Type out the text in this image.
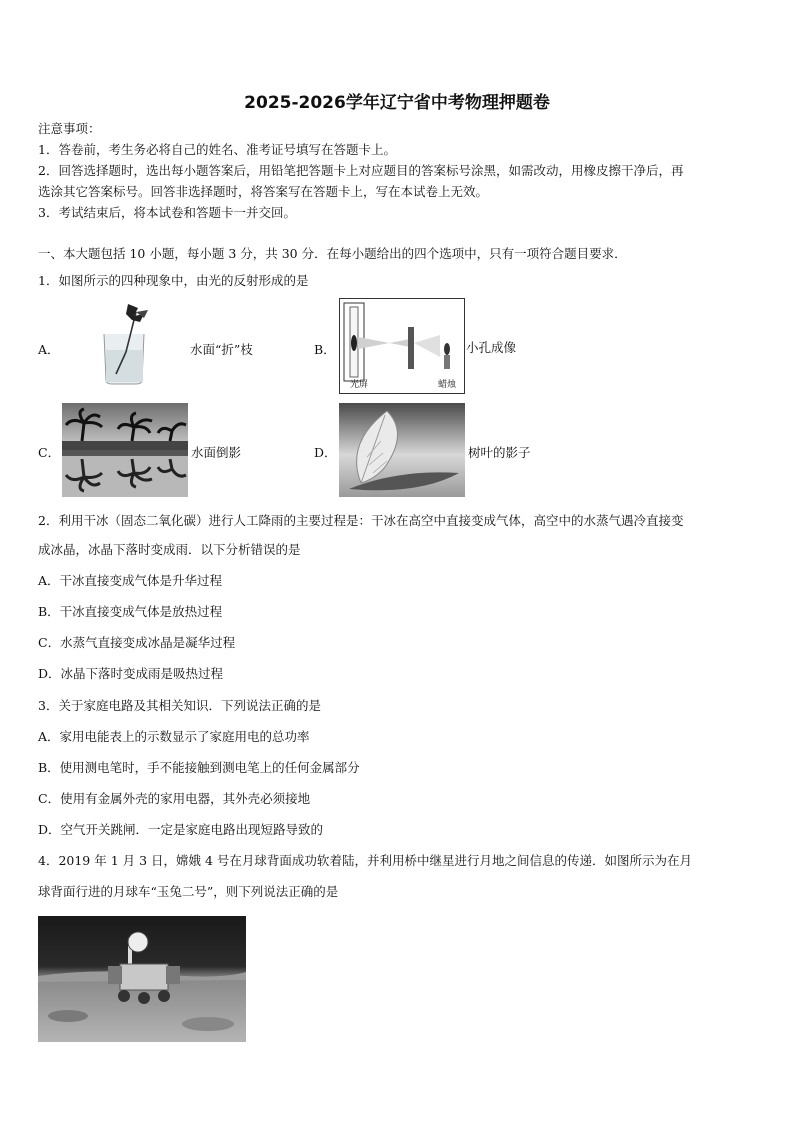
2025-2026学年辽宁省中考物理押题卷
注意事项：
1．答卷前，考生务必将自己的姓名、准考证号填写在答题卡上。
2．回答选择题时，选出每小题答案后，用铅笔把答题卡上对应题目的答案标号涂黑，如需改动，用橡皮擦干净后，再
选涂其它答案标号。回答非选择题时，将答案写在答题卡上，写在本试卷上无效。
3．考试结束后，将本试卷和答题卡一并交回。
一、本大题包括 10 小题，每小题 3 分，共 30 分．在每小题给出的四个选项中，只有一项符合题目要求．
1．如图所示的四种现象中，由光的反射形成的是
A．	水面“折”枝	B．
光屏	蜡烛
小孔成像
C．	水面倒影	D．	树叶的影子
2．利用干冰（固态二氧化碳）进行人工降雨的主要过程是：干冰在高空中直接变成气体，高空中的水蒸气遇冷直接变
成冰晶，冰晶下落时变成雨．以下分析错误的是
A．干冰直接变成气体是升华过程
B．干冰直接变成气体是放热过程
C．水蒸气直接变成冰晶是凝华过程
D．冰晶下落时变成雨是吸热过程
3．关于家庭电路及其相关知识．下列说法正确的是
A．家用电能表上的示数显示了家庭用电的总功率
B．使用测电笔时，手不能接触到测电笔上的任何金属部分
C．使用有金属外壳的家用电器，其外壳必须接地
D．空气开关跳闸．一定是家庭电路出现短路导致的
4．2019 年 1 月 3 日，嫦娥 4 号在月球背面成功软着陆，并利用桥中继星进行月地之间信息的传递．如图所示为在月
球背面行进的月球车“玉兔二号”，则下列说法正确的是
